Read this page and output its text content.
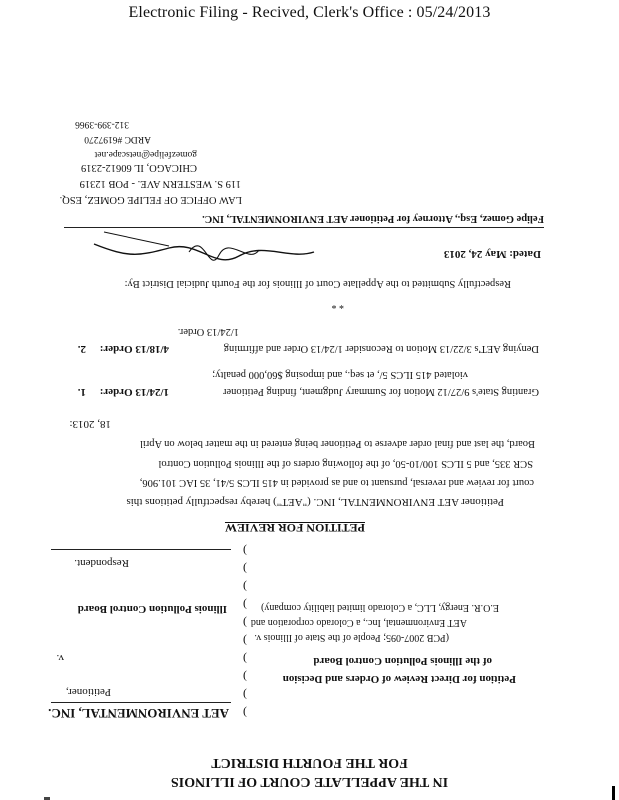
Electronic Filing - Recived, Clerk's Office : 05/24/2013
IN THE APPELLATE COURT OF ILLINOIS
FOR THE FOURTH DISTRICT
AET ENVIRONMENTAL, INC.
Petitioner,
v.
Illinois Pollution Control Board
Respondent.
)
)
)
)
)
)
)
)
)
)
Petition for Direct Review of Orders and Decision
of the Illinois Pollution Control Board
(PCB 2007-095; People of the State of Illinois v.
AET Environmental, Inc., a Colorado corporation and
E.O.R. Energy, LLC, a Colorado limited liability company)
PETITION FOR REVIEW
Petitioner AET ENVIRONMENTAL, INC. ("AET") hereby respectfully petitions this
court for review and reversal, pursuant to and as provided in 415 ILCS 5/41, 35 IAC 101.906,
SCR 335, and 5 ILCS 100/10-50, of the following orders of the Illinois Pollution Control
Board, the last and final order adverse to Petitioner being entered in the matter below on April
18, 2013:
1. 1/24/13 Order:	Granting State's 9/27/12 Motion for Summary Judgment, finding Petitioner
violated 415 ILCS 5/, et seq., and imposing $60,000 penalty;
2. 4/18/13 Order:	Denying AET's 3/22/13 Motion to Reconsider 1/24/13 Order and affirming
1/24/13 Order.
* *
Respectfully Submitted to the Appellate Court of Illinois for the Fourth Judicial District By:
Dated: May 24, 2013
Felipe Gomez, Esq., Attorney for Petitioner AET ENVIRONMENTAL, INC.
LAW OFFICE OF FELIPE GOMEZ, ESQ.
119 S. WESTERN AVE. - POB 12319
CHICAGO, IL 60612-2319
gomezfelipe@netscape.net
ARDC #6197270
312-399-3966
